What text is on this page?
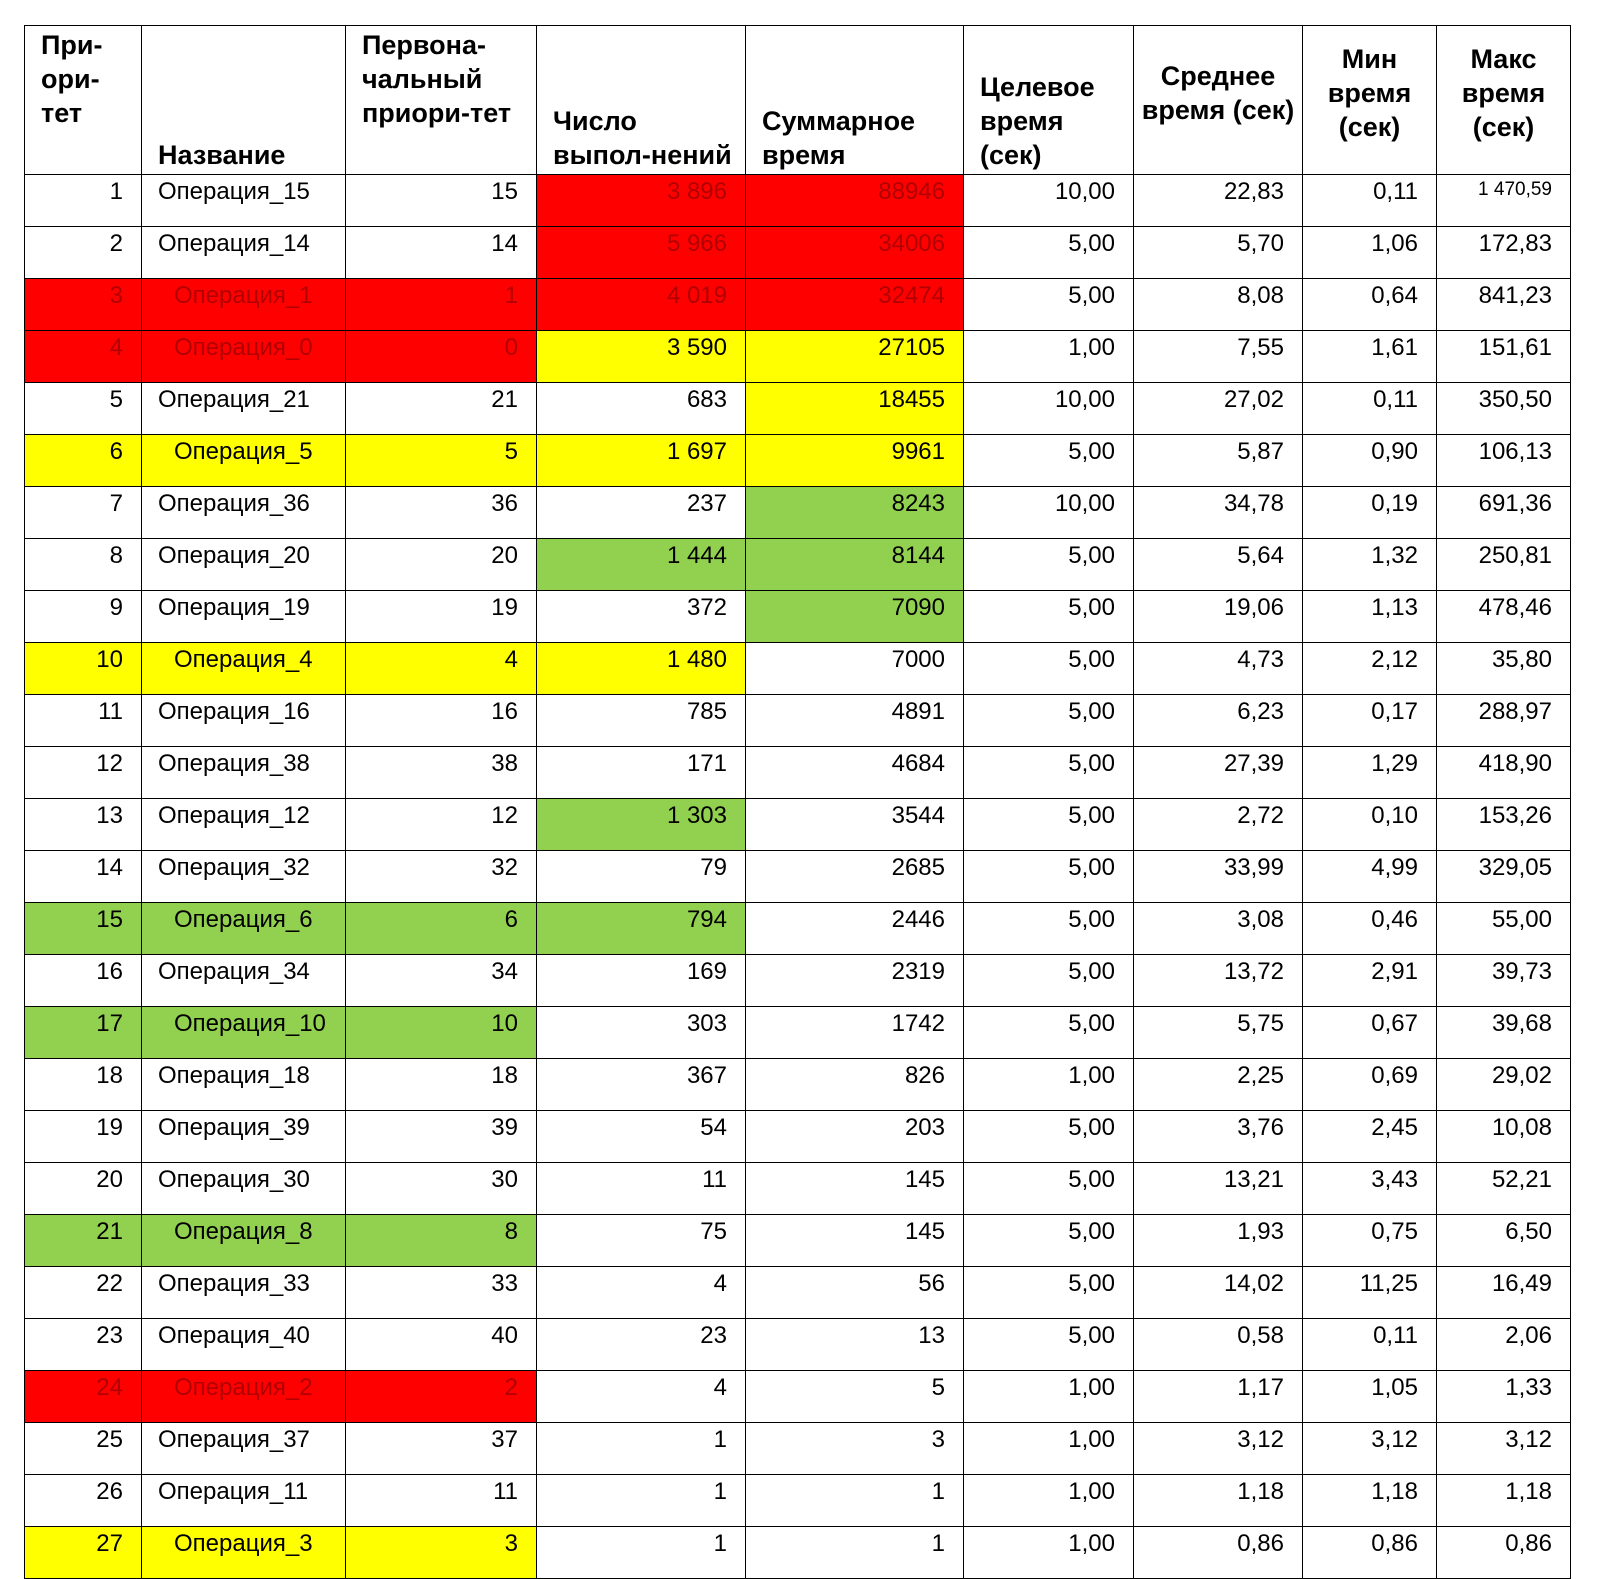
При-ори-тет	Название	Первона-чальный приори-тет	Число выпол-нений	Суммарное время	Целевое время (сек)	Среднее время (сек)	Мин время (сек)	Макс время (сек)
1	Операция_15	15	3 896	88946	10,00	22,83	0,11	1 470,59
2	Операция_14	14	5 966	34006	5,00	5,70	1,06	172,83
3	Операция_1	1	4 019	32474	5,00	8,08	0,64	841,23
4	Операция_0	0	3 590	27105	1,00	7,55	1,61	151,61
5	Операция_21	21	683	18455	10,00	27,02	0,11	350,50
6	Операция_5	5	1 697	9961	5,00	5,87	0,90	106,13
7	Операция_36	36	237	8243	10,00	34,78	0,19	691,36
8	Операция_20	20	1 444	8144	5,00	5,64	1,32	250,81
9	Операция_19	19	372	7090	5,00	19,06	1,13	478,46
10	Операция_4	4	1 480	7000	5,00	4,73	2,12	35,80
11	Операция_16	16	785	4891	5,00	6,23	0,17	288,97
12	Операция_38	38	171	4684	5,00	27,39	1,29	418,90
13	Операция_12	12	1 303	3544	5,00	2,72	0,10	153,26
14	Операция_32	32	79	2685	5,00	33,99	4,99	329,05
15	Операция_6	6	794	2446	5,00	3,08	0,46	55,00
16	Операция_34	34	169	2319	5,00	13,72	2,91	39,73
17	Операция_10	10	303	1742	5,00	5,75	0,67	39,68
18	Операция_18	18	367	826	1,00	2,25	0,69	29,02
19	Операция_39	39	54	203	5,00	3,76	2,45	10,08
20	Операция_30	30	11	145	5,00	13,21	3,43	52,21
21	Операция_8	8	75	145	5,00	1,93	0,75	6,50
22	Операция_33	33	4	56	5,00	14,02	11,25	16,49
23	Операция_40	40	23	13	5,00	0,58	0,11	2,06
24	Операция_2	2	4	5	1,00	1,17	1,05	1,33
25	Операция_37	37	1	3	1,00	3,12	3,12	3,12
26	Операция_11	11	1	1	1,00	1,18	1,18	1,18
27	Операция_3	3	1	1	1,00	0,86	0,86	0,86
